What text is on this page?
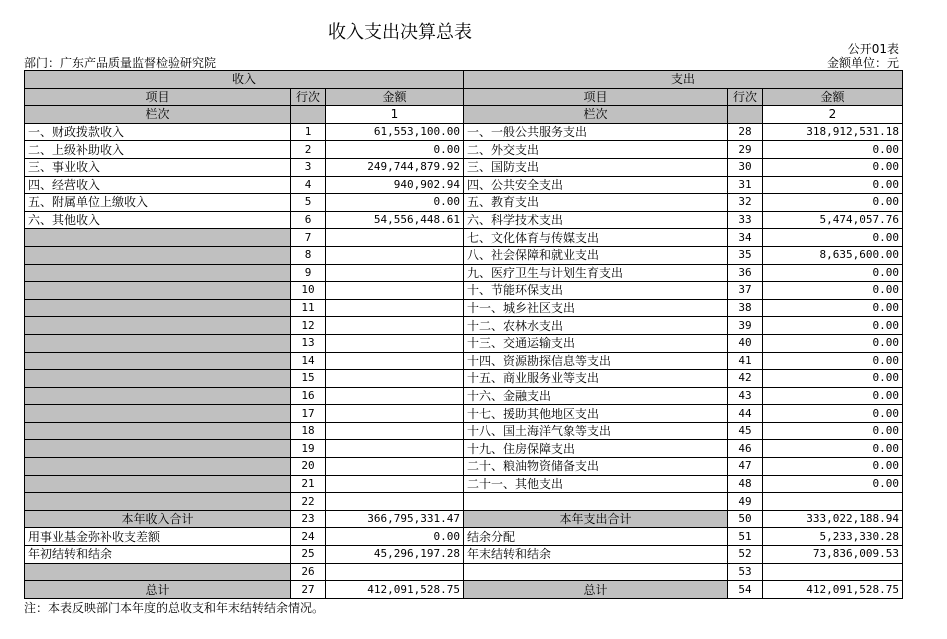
收入支出决算总表
公开01表
部门：广东产品质量监督检验研究院	金额单位：元
收入			支出		
项目	行次	金额	项目	行次	金额
栏次		1	栏次		2
一、财政拨款收入	1	61,553,100.00	一、一般公共服务支出	28	318,912,531.18
二、上级补助收入	2	0.00	二、外交支出	29	0.00
三、事业收入	3	249,744,879.92	三、国防支出	30	0.00
四、经营收入	4	940,902.94	四、公共安全支出	31	0.00
五、附属单位上缴收入	5	0.00	五、教育支出	32	0.00
六、其他收入	6	54,556,448.61	六、科学技术支出	33	5,474,057.76
	7		七、文化体育与传媒支出	34	0.00
	8		八、社会保障和就业支出	35	8,635,600.00
	9		九、医疗卫生与计划生育支出	36	0.00
	10		十、节能环保支出	37	0.00
	11		十一、城乡社区支出	38	0.00
	12		十二、农林水支出	39	0.00
	13		十三、交通运输支出	40	0.00
	14		十四、资源勘探信息等支出	41	0.00
	15		十五、商业服务业等支出	42	0.00
	16		十六、金融支出	43	0.00
	17		十七、援助其他地区支出	44	0.00
	18		十八、国土海洋气象等支出	45	0.00
	19		十九、住房保障支出	46	0.00
	20		二十、粮油物资储备支出	47	0.00
	21		二十一、其他支出	48	0.00
	22			49	
本年收入合计	23	366,795,331.47	本年支出合计	50	333,022,188.94
用事业基金弥补收支差额	24	0.00	结余分配	51	5,233,330.28
年初结转和结余	25	45,296,197.28	年末结转和结余	52	73,836,009.53
	26			53	
总计	27	412,091,528.75	总计	54	412,091,528.75
注：本表反映部门本年度的总收支和年末结转结余情况。
